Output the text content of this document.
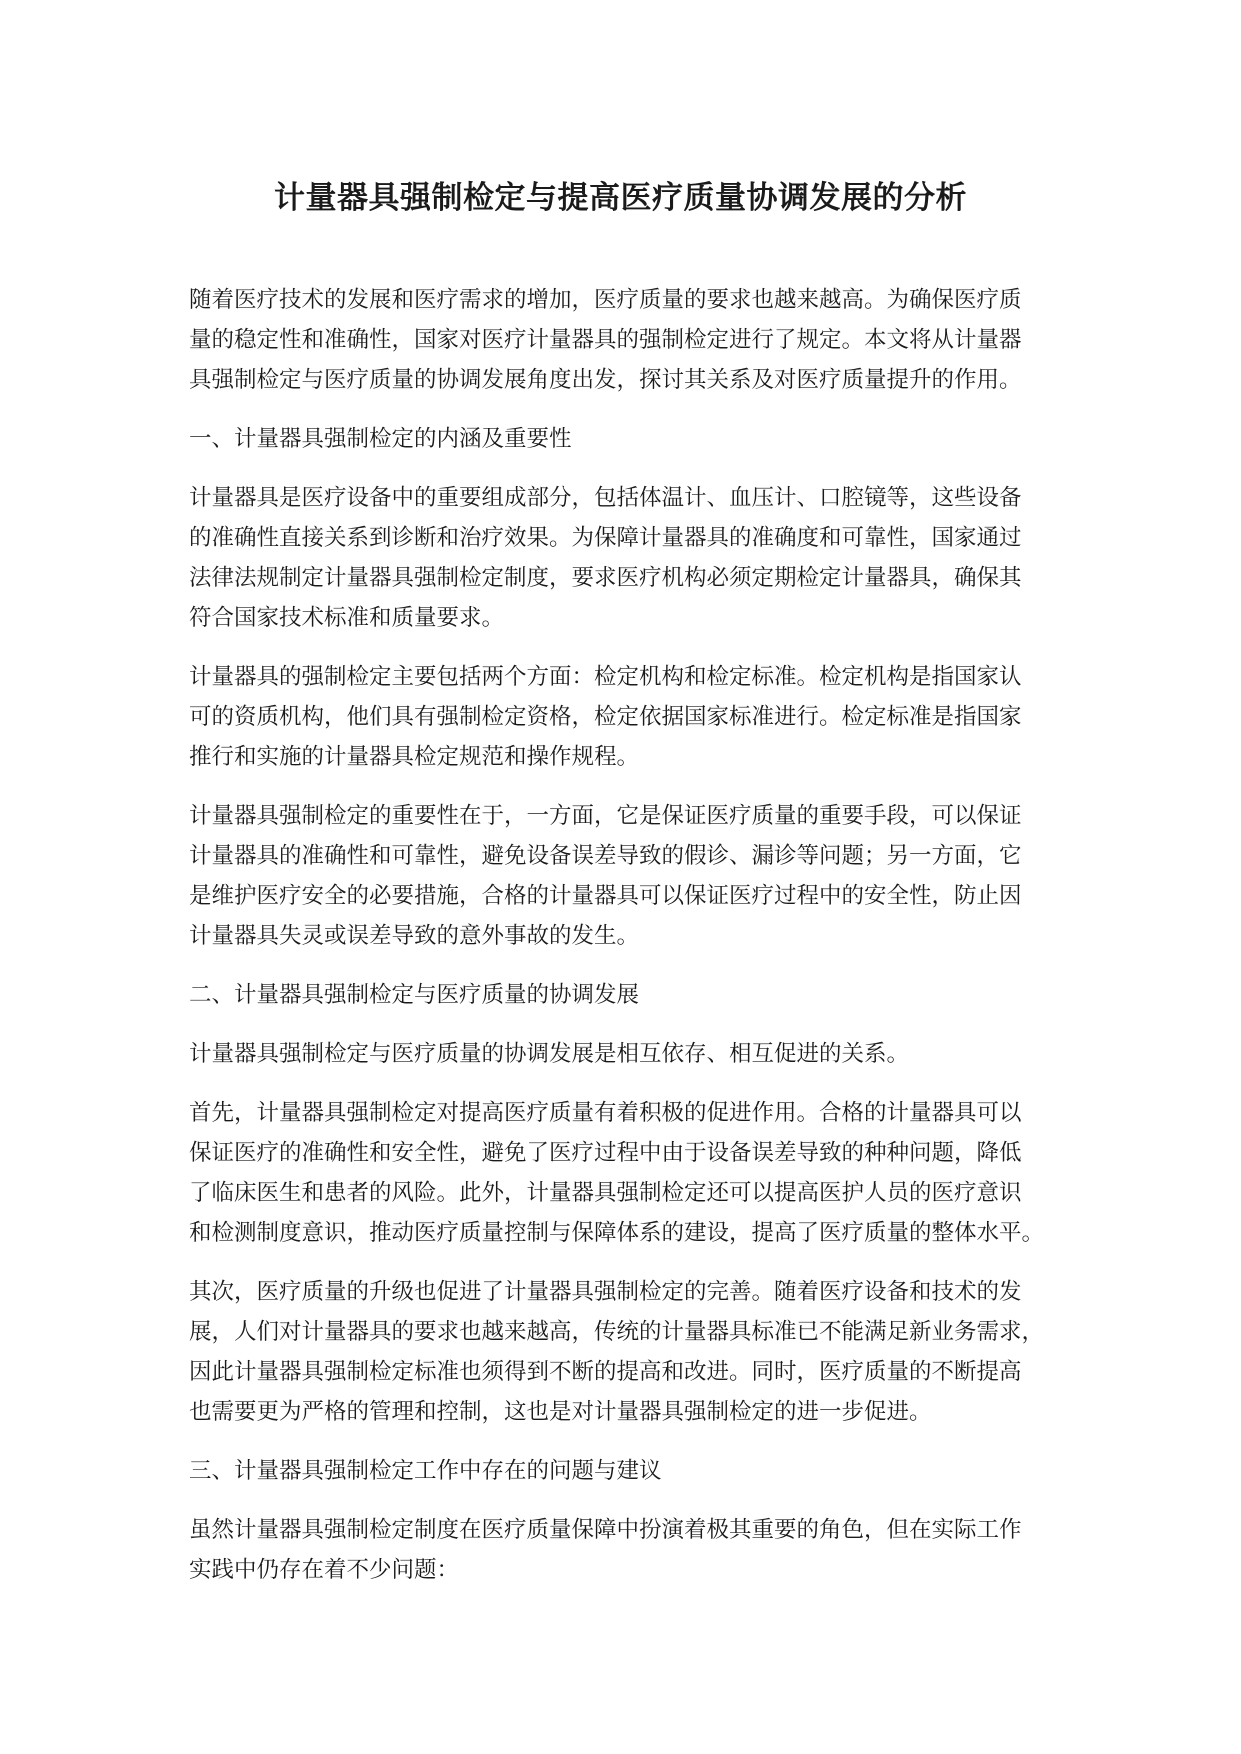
计量器具强制检定与提高医疗质量协调发展的分析

随着医疗技术的发展和医疗需求的增加，医疗质量的要求也越来越高。为确保医疗质
量的稳定性和准确性，国家对医疗计量器具的强制检定进行了规定。本文将从计量器
具强制检定与医疗质量的协调发展角度出发，探讨其关系及对医疗质量提升的作用。

一、计量器具强制检定的内涵及重要性

计量器具是医疗设备中的重要组成部分，包括体温计、血压计、口腔镜等，这些设备
的准确性直接关系到诊断和治疗效果。为保障计量器具的准确度和可靠性，国家通过
法律法规制定计量器具强制检定制度，要求医疗机构必须定期检定计量器具，确保其
符合国家技术标准和质量要求。

计量器具的强制检定主要包括两个方面：检定机构和检定标准。检定机构是指国家认
可的资质机构，他们具有强制检定资格，检定依据国家标准进行。检定标准是指国家
推行和实施的计量器具检定规范和操作规程。

计量器具强制检定的重要性在于，一方面，它是保证医疗质量的重要手段，可以保证
计量器具的准确性和可靠性，避免设备误差导致的假诊、漏诊等问题；另一方面，它
是维护医疗安全的必要措施，合格的计量器具可以保证医疗过程中的安全性，防止因
计量器具失灵或误差导致的意外事故的发生。

二、计量器具强制检定与医疗质量的协调发展

计量器具强制检定与医疗质量的协调发展是相互依存、相互促进的关系。

首先，计量器具强制检定对提高医疗质量有着积极的促进作用。合格的计量器具可以
保证医疗的准确性和安全性，避免了医疗过程中由于设备误差导致的种种问题，降低
了临床医生和患者的风险。此外，计量器具强制检定还可以提高医护人员的医疗意识
和检测制度意识，推动医疗质量控制与保障体系的建设，提高了医疗质量的整体水平。

其次，医疗质量的升级也促进了计量器具强制检定的完善。随着医疗设备和技术的发
展，人们对计量器具的要求也越来越高，传统的计量器具标准已不能满足新业务需求，
因此计量器具强制检定标准也须得到不断的提高和改进。同时，医疗质量的不断提高
也需要更为严格的管理和控制，这也是对计量器具强制检定的进一步促进。

三、计量器具强制检定工作中存在的问题与建议

虽然计量器具强制检定制度在医疗质量保障中扮演着极其重要的角色，但在实际工作
实践中仍存在着不少问题：
